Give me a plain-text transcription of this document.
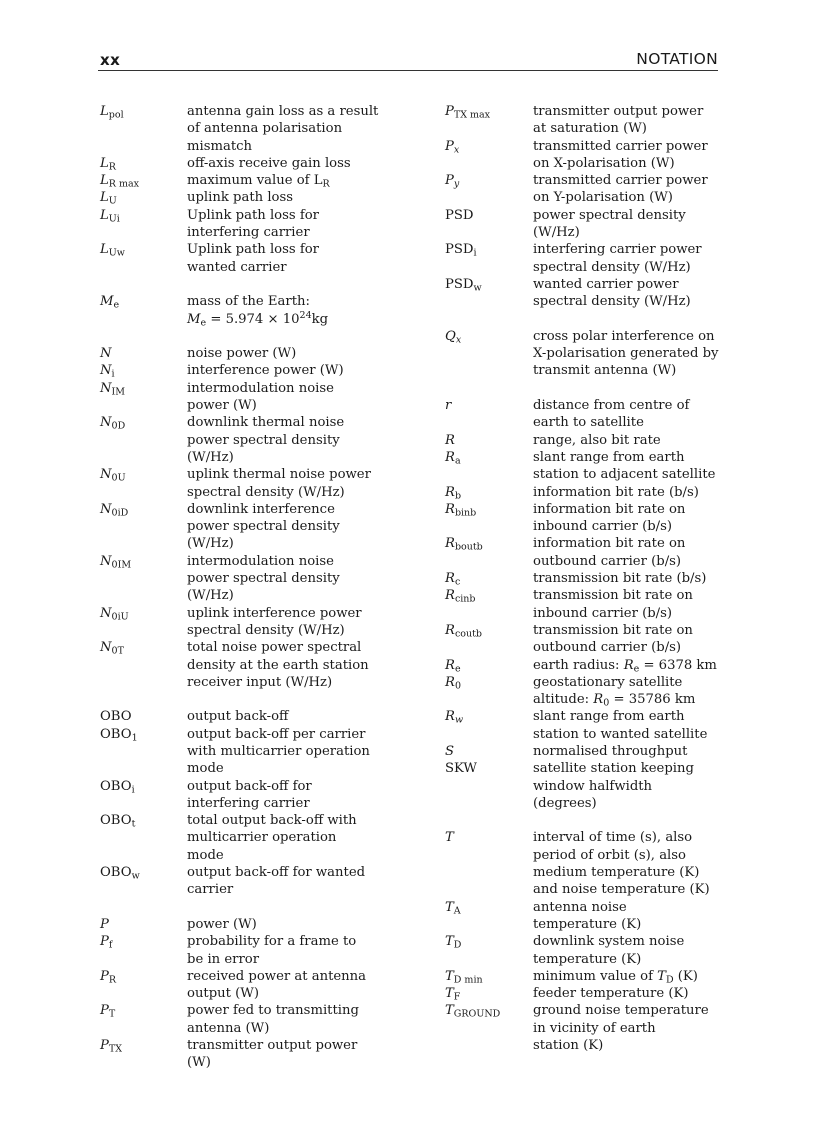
xx	NOTATION
$L_{pol}$	antenna gain loss as a result
of antenna polarisation
mismatch
$L_R$	off-axis receive gain loss
$L_{R max}$	maximum value of $L_R$
$L_U$	uplink path loss
$L_{Ui}$	Uplink path loss for
interfering carrier
$L_{Uw}$	Uplink path loss for
wanted carrier
$M_e$	mass of the Earth:
$M_e = 5.974 \times 10^{24}kg$
N	noise power (W)
$N_i$	interference power (W)
$N_{IM}$	intermodulation noise
power (W)
$N_{0D}$	downlink thermal noise
power spectral density
(W/Hz)
$N_{0U}$	uplink thermal noise power
spectral density (W/Hz)
$N_{0iD}$	downlink interference
power spectral density
(W/Hz)
$N_{0IM}$	intermodulation noise
power spectral density
(W/Hz)
$N_{0iU}$	uplink interference power
spectral density (W/Hz)
$N_{0T}$	total noise power spectral
density at the earth station
receiver input (W/Hz)
OBO	output back-off
$OBO_1$	output back-off per carrier
with multicarrier operation
mode
$OBO_i$	output back-off for
interfering carrier
$OBO_t$	total output back-off with
multicarrier operation
mode
$OBO_w$	output back-off for wanted
carrier
P	power (W)
$P_f$	probability for a frame to
be in error
$P_R$	received power at antenna
output (W)
$P_T$	power fed to transmitting
antenna (W)
$P_{TX}$	transmitter output power
(W)
$P_{TX max}$	transmitter output power
at saturation (W)
$P_x$	transmitted carrier power
on X-polarisation (W)
$P_y$	transmitted carrier power
on Y-polarisation (W)
PSD	power spectral density
(W/Hz)
$PSD_i$	interfering carrier power
spectral density (W/Hz)
$PSD_w$	wanted carrier power
spectral density (W/Hz)
$Q_x$	cross polar interference on
X-polarisation generated by
transmit antenna (W)
r	distance from centre of
earth to satellite
R	range, also bit rate
$R_a$	slant range from earth
station to adjacent satellite
$R_b$	information bit rate (b/s)
$R_{binb}$	information bit rate on
inbound carrier (b/s)
$R_{boutb}$	information bit rate on
outbound carrier (b/s)
$R_c$	transmission bit rate (b/s)
$R_{cinb}$	transmission bit rate on
inbound carrier (b/s)
$R_{coutb}$	transmission bit rate on
outbound carrier (b/s)
$R_e$	earth radius: $R_e = 6378$ km
$R_0$	geostationary satellite
altitude: $R_0 = 35786$ km
$R_w$	slant range from earth
station to wanted satellite
S	normalised throughput
SKW	satellite station keeping
window halfwidth
(degrees)
T	interval of time (s), also
period of orbit (s), also
medium temperature (K)
and noise temperature (K)
$T_A$	antenna noise
temperature (K)
$T_D$	downlink system noise
temperature (K)
$T_{D min}$	minimum value of $T_D$ (K)
$T_F$	feeder temperature (K)
$T_{GROUND}$	ground noise temperature
in vicinity of earth
station (K)
